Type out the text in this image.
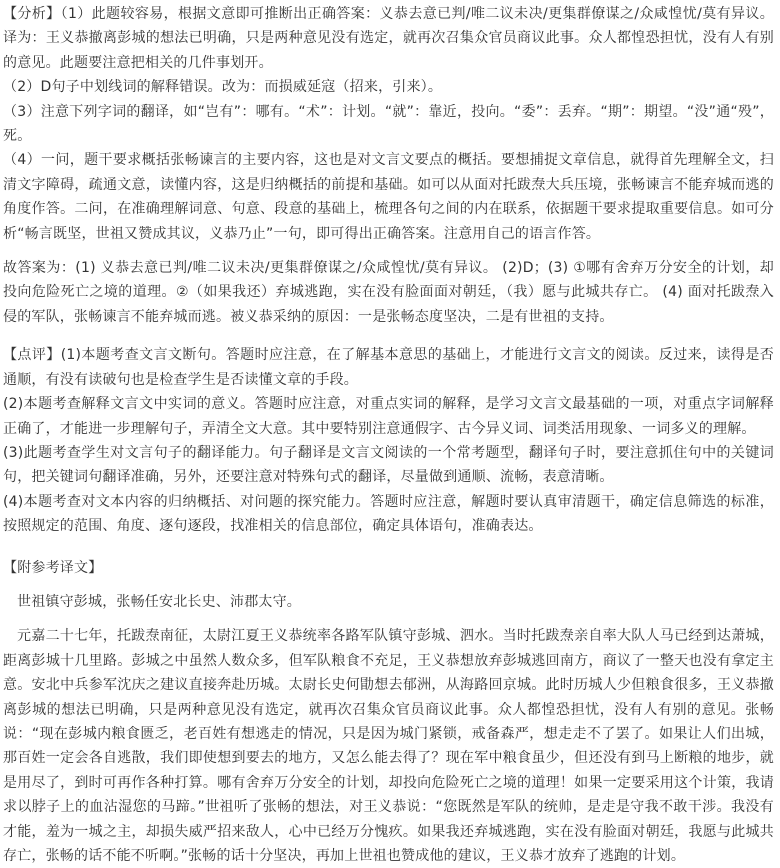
【分析】（1）此题较容易，根据文意即可推断出正确答案：义恭去意已判/唯二议未决/更集群僚谋之/众咸惶忧/莫有异议。译为：王义恭撤离彭城的想法已明确，只是两种意见没有选定，就再次召集众官员商议此事。众人都惶恐担忧，没有人有别的意见。此题要注意把相关的几件事划开。

（2）D句子中划线词的解释错误。改为：而损威延寇（招来，引来）。

（3）注意下列字词的翻译，如“岂有”：哪有。“术”：计划。“就”：靠近，投向。“委”：丢弃。“期”：期望。“没”通“殁”，死。

（4）一问，题干要求概括张畅谏言的主要内容，这也是对文言文要点的概括。要想捕捉文章信息，就得首先理解全文，扫清文字障碍，疏通文意，读懂内容，这是归纳概括的前提和基础。如可以从面对托跋焘大兵压境，张畅谏言不能弃城而逃的角度作答。二问，在准确理解词意、句意、段意的基础上，梳理各句之间的内在联系，依据题干要求提取重要信息。如可分析“畅言既坚，世祖又赞成其议，义恭乃止”一句，即可得出正确答案。注意用自己的语言作答。

故答案为：(1) 义恭去意已判/唯二议未决/更集群僚谋之/众咸惶忧/莫有异议。 (2)D；(3) ①哪有舍弃万分安全的计划，却投向危险死亡之境的道理。②（如果我还）弃城逃跑，实在没有脸面面对朝廷，（我）愿与此城共存亡。 (4) 面对托跋焘入侵的军队，张畅谏言不能弃城而逃。被义恭采纳的原因：一是张畅态度坚决，二是有世祖的支持。

【点评】(1)本题考查文言文断句。答题时应注意，在了解基本意思的基础上，才能进行文言文的阅读。反过来，读得是否通顺，有没有读破句也是检查学生是否读懂文章的手段。

(2)本题考查解释文言文中实词的意义。答题时应注意，对重点实词的解释，是学习文言文最基础的一项，对重点字词解释正确了，才能进一步理解句子，弄清全文大意。其中要特别注意通假字、古今异义词、词类活用现象、一词多义的理解。

(3)此题考查学生对文言句子的翻译能力。句子翻译是文言文阅读的一个常考题型，翻译句子时，要注意抓住句中的关键词句，把关键词句翻译准确，另外，还要注意对特殊句式的翻译，尽量做到通顺、流畅，表意清晰。

(4)本题考查对文本内容的归纳概括、对问题的探究能力。答题时应注意，解题时要认真审清题干，确定信息筛选的标准，按照规定的范围、角度、逐句逐段，找准相关的信息部位，确定具体语句，准确表达。

【附参考译文】

世祖镇守彭城，张畅任安北长史、沛郡太守。

元嘉二十七年，托跋焘南征，太尉江夏王义恭统率各路军队镇守彭城、泗水。当时托跋焘亲自率大队人马已经到达萧城，距离彭城十几里路。彭城之中虽然人数众多，但军队粮食不充足，王义恭想放弃彭城逃回南方，商议了一整天也没有拿定主意。安北中兵参军沈庆之建议直接奔赴历城。太尉长史何勖想去郁洲，从海路回京城。此时历城人少但粮食很多，王义恭撤离彭城的想法已明确，只是两种意见没有选定，就再次召集众官员商议此事。众人都惶恐担忧，没有人有别的意见。张畅说：“现在彭城内粮食匮乏，老百姓有想逃走的情况，只是因为城门紧锁，戒备森严，想走走不了罢了。如果让人们出城，那百姓一定会各自逃散，我们即使想到要去的地方，又怎么能去得了？现在军中粮食虽少，但还没有到马上断粮的地步，就是用尽了，到时可再作各种打算。哪有舍弃万分安全的计划，却投向危险死亡之境的道理！如果一定要采用这个计策，我请求以脖子上的血沾湿您的马蹄。”世祖听了张畅的想法，对王义恭说：“您既然是军队的统帅，是走是守我不敢干涉。我没有才能，羞为一城之主，却损失威严招来敌人，心中已经万分愧疚。如果我还弃城逃跑，实在没有脸面对朝廷，我愿与此城共存亡，张畅的话不能不听啊。”张畅的话十分坚决，再加上世祖也赞成他的建议，王义恭才放弃了逃跑的计划。
